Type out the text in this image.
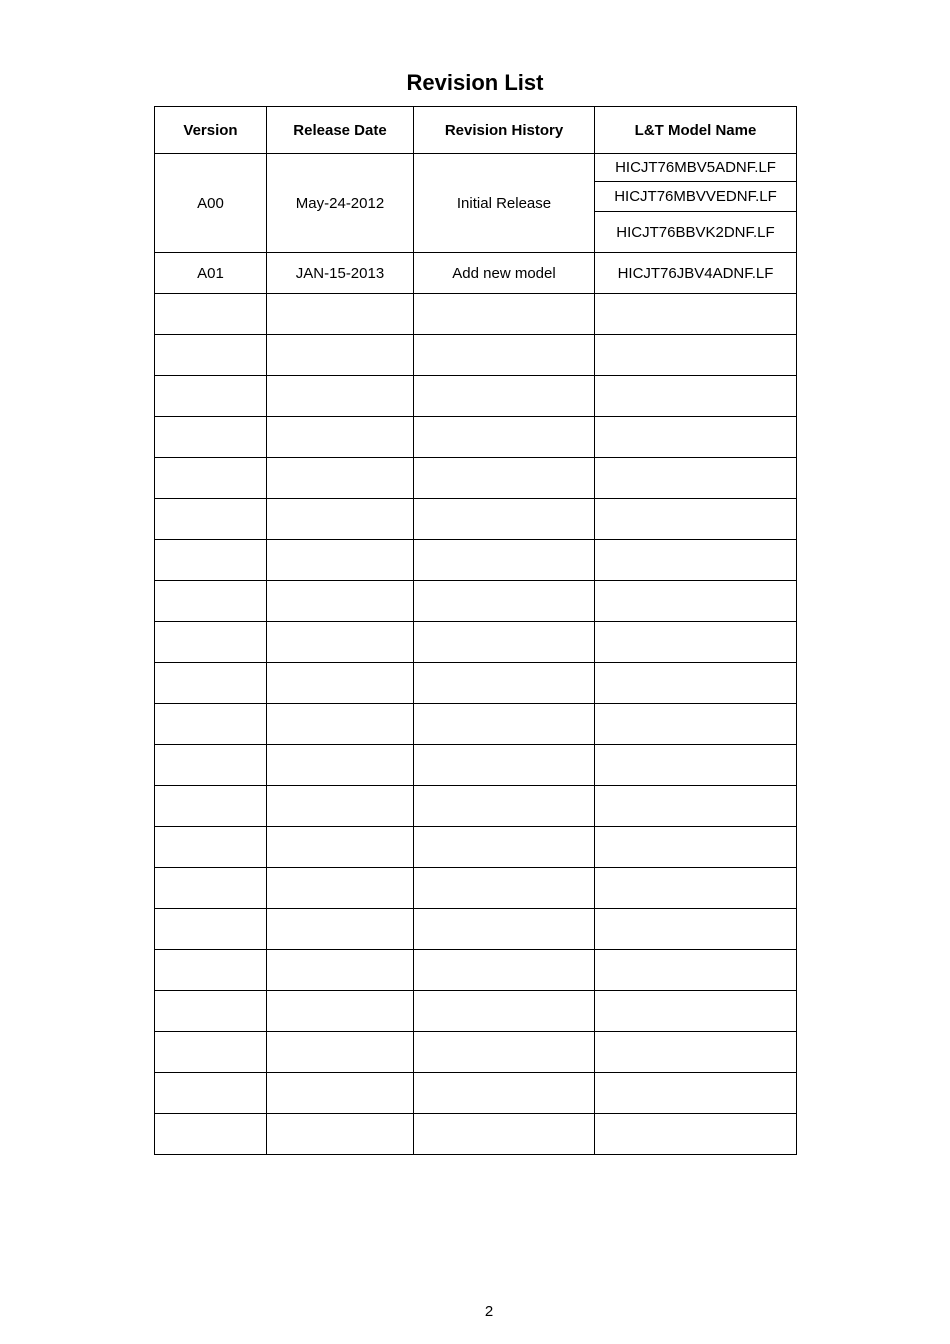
Revision List
Version	Release Date	Revision History	L&T Model Name
A00	May-24-2012	Initial Release	HICJT76MBV5ADNF.LF
			HICJT76MBVVEDNF.LF
			HICJT76BBVK2DNF.LF
A01	JAN-15-2013	Add new model	HICJT76JBV4ADNF.LF

2
